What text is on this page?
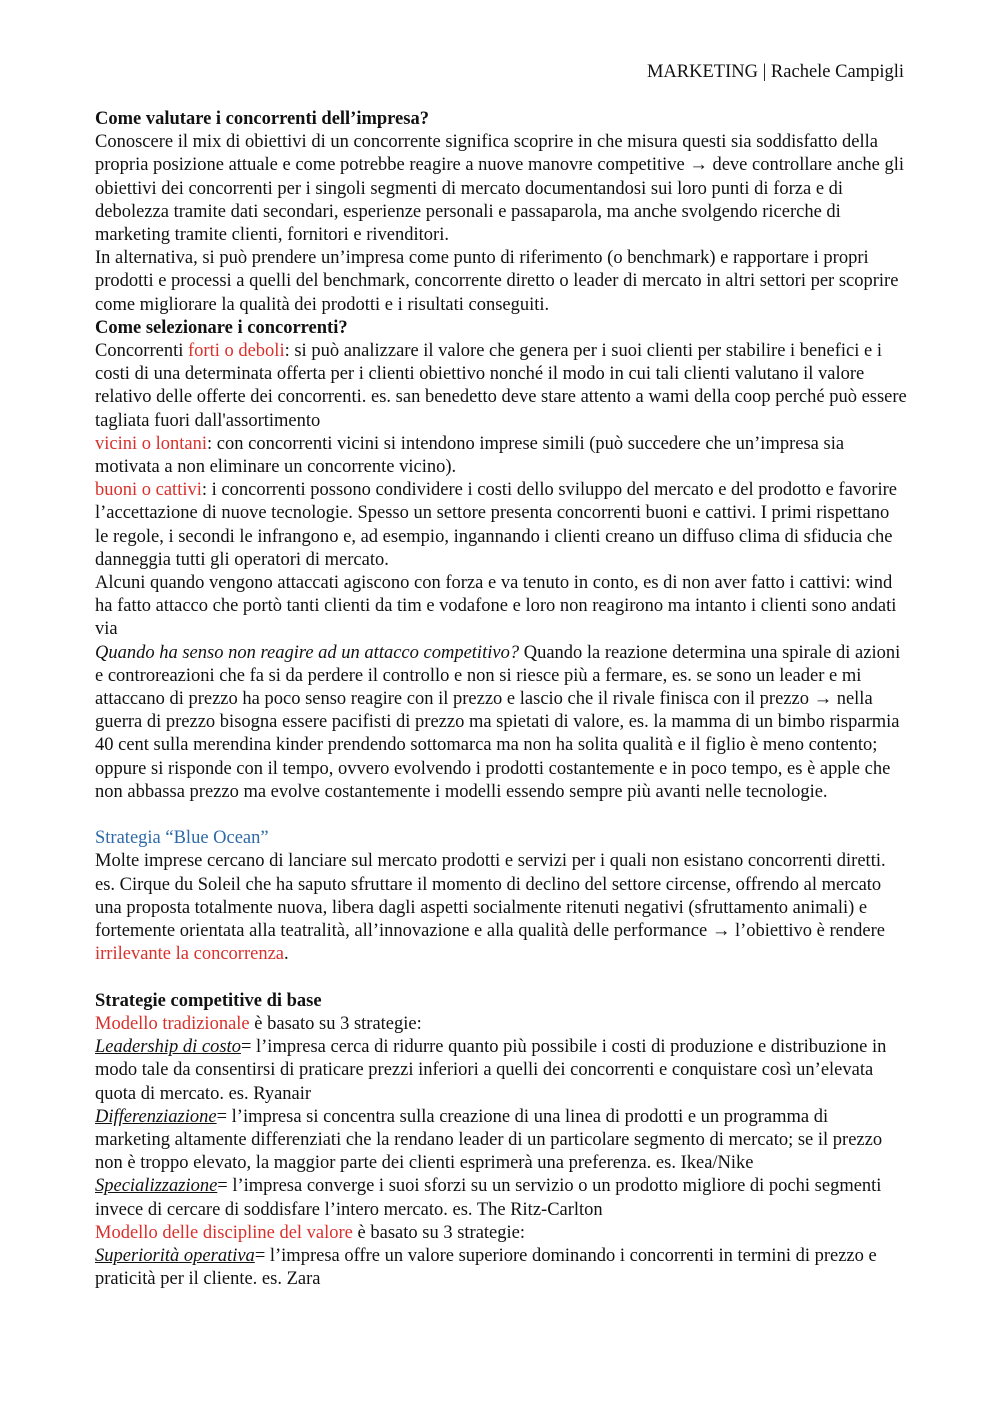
MARKETING | Rachele Campigli

Come valutare i concorrenti dell’impresa?

Conoscere il mix di obiettivi di un concorrente significa scoprire in che misura questi sia soddisfatto della propria posizione attuale e come potrebbe reagire a nuove manovre competitive → deve controllare anche gli obiettivi dei concorrenti per i singoli segmenti di mercato documentandosi sui loro punti di forza e di debolezza tramite dati secondari, esperienze personali e passaparola, ma anche svolgendo ricerche di marketing tramite clienti, fornitori e rivenditori.

In alternativa, si può prendere un’impresa come punto di riferimento (o benchmark) e rapportare i propri prodotti e processi a quelli del benchmark, concorrente diretto o leader di mercato in altri settori per scoprire come migliorare la qualità dei prodotti e i risultati conseguiti.

Come selezionare i concorrenti?

Concorrenti forti o deboli: si può analizzare il valore che genera per i suoi clienti per stabilire i benefici e i costi di una determinata offerta per i clienti obiettivo nonché il modo in cui tali clienti valutano il valore relativo delle offerte dei concorrenti. es. san benedetto deve stare attento a wami della coop perché può essere tagliata fuori dall'assortimento

vicini o lontani: con concorrenti vicini si intendono imprese simili (può succedere che un’impresa sia motivata a non eliminare un concorrente vicino).

buoni o cattivi: i concorrenti possono condividere i costi dello sviluppo del mercato e del prodotto e favorire l’accettazione di nuove tecnologie. Spesso un settore presenta concorrenti buoni e cattivi. I primi rispettano le regole, i secondi le infrangono e, ad esempio, ingannando i clienti creano un diffuso clima di sfiducia che danneggia tutti gli operatori di mercato.

Alcuni quando vengono attaccati agiscono con forza e va tenuto in conto, es di non aver fatto i cattivi: wind ha fatto attacco che portò tanti clienti da tim e vodafone e loro non reagirono ma intanto i clienti sono andati via

Quando ha senso non reagire ad un attacco competitivo? Quando la reazione determina una spirale di azioni e controreazioni che fa si da perdere il controllo e non si riesce più a fermare, es. se sono un leader e mi attaccano di prezzo ha poco senso reagire con il prezzo e lascio che il rivale finisca con il prezzo → nella guerra di prezzo bisogna essere pacifisti di prezzo ma spietati di valore, es. la mamma di un bimbo risparmia 40 cent sulla merendina kinder prendendo sottomarca ma non ha solita qualità e il figlio è meno contento; oppure si risponde con il tempo, ovvero evolvendo i prodotti costantemente e in poco tempo, es è apple che non abbassa prezzo ma evolve costantemente i modelli essendo sempre più avanti nelle tecnologie.

Strategia “Blue Ocean”

Molte imprese cercano di lanciare sul mercato prodotti e servizi per i quali non esistano concorrenti diretti. es. Cirque du Soleil che ha saputo sfruttare il momento di declino del settore circense, offrendo al mercato una proposta totalmente nuova, libera dagli aspetti socialmente ritenuti negativi (sfruttamento animali) e fortemente orientata alla teatralità, all’innovazione e alla qualità delle performance → l’obiettivo è rendere irrilevante la concorrenza.

Strategie competitive di base

Modello tradizionale è basato su 3 strategie:

Leadership di costo= l’impresa cerca di ridurre quanto più possibile i costi di produzione e distribuzione in modo tale da consentirsi di praticare prezzi inferiori a quelli dei concorrenti e conquistare così un’elevata quota di mercato. es. Ryanair

Differenziazione= l’impresa si concentra sulla creazione di una linea di prodotti e un programma di marketing altamente differenziati che la rendano leader di un particolare segmento di mercato; se il prezzo non è troppo elevato, la maggior parte dei clienti esprimerà una preferenza. es. Ikea/Nike

Specializzazione= l’impresa converge i suoi sforzi su un servizio o un prodotto migliore di pochi segmenti invece di cercare di soddisfare l’intero mercato. es. The Ritz-Carlton

Modello delle discipline del valore è basato su 3 strategie:

Superiorità operativa= l’impresa offre un valore superiore dominando i concorrenti in termini di prezzo e praticità per il cliente. es. Zara
